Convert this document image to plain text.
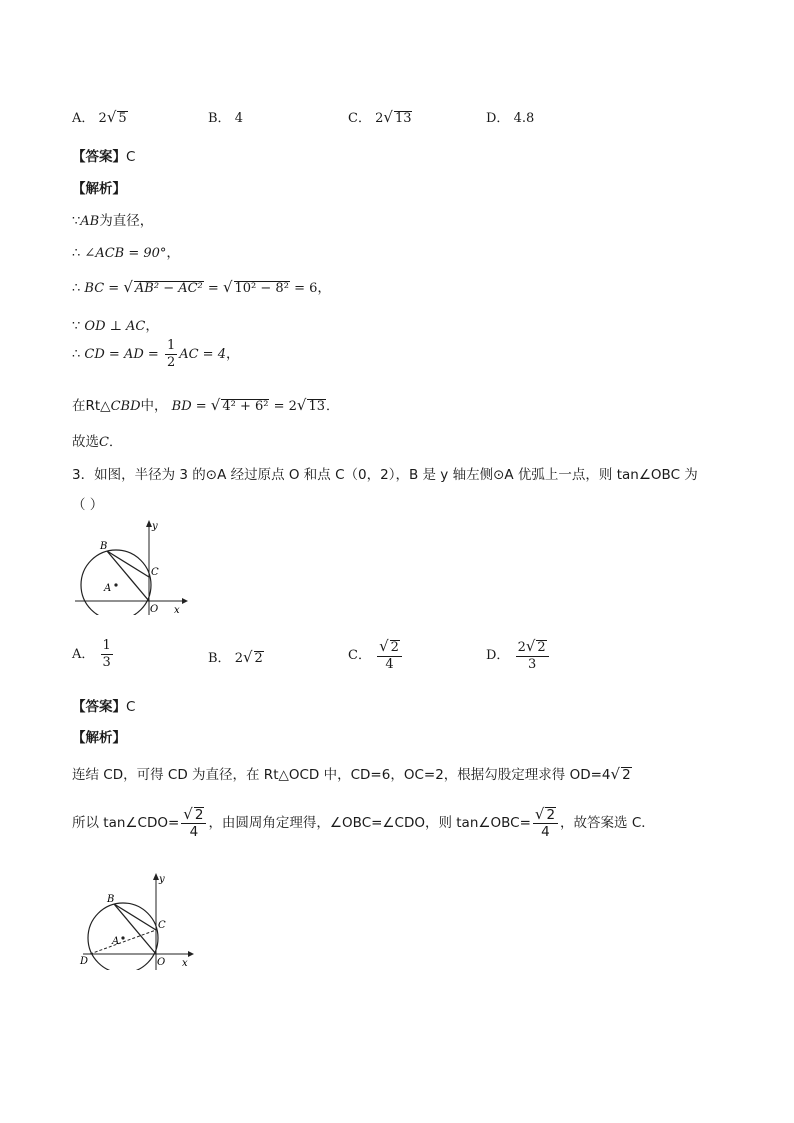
A． 2√ 5	B． 4	C． 2√ 13	D． 4.8
【答案】C
【解析】
∵AB为直径，
∴ ∠ACB = 90°，
∴ BC = √ AB² − AC² = √ 10² − 8² = 6，
∵ OD ⊥ AC，
∴ CD = AD = $\frac{1}{2}$ AC = 4，
在Rt△CBD中， BD = √ 4² + 6² = 2√ 13．
故选C．
3．如图，半径为 3 的⊙A 经过原点 O 和点 C（0，2），B 是 y 轴左侧⊙A 优弧上一点，则 tan∠OBC 为
（ ）
y
x
B
C
A
O
A． $\frac{1}{3}$	B． 2√ 2	C． $\frac{√ 2}{4}$	D． $\frac{2√ 2}{3}$
【答案】C
【解析】
连结 CD，可得 CD 为直径，在 Rt△OCD 中，CD=6，OC=2，根据勾股定理求得 OD=4√ 2
所以 tan∠CDO= $\frac{√ 2}{4}$ ，由圆周角定理得，∠OBC=∠CDO，则 tan∠OBC= $\frac{√ 2}{4}$ ，故答案选 C．
y
x
B
C
A
O
D
